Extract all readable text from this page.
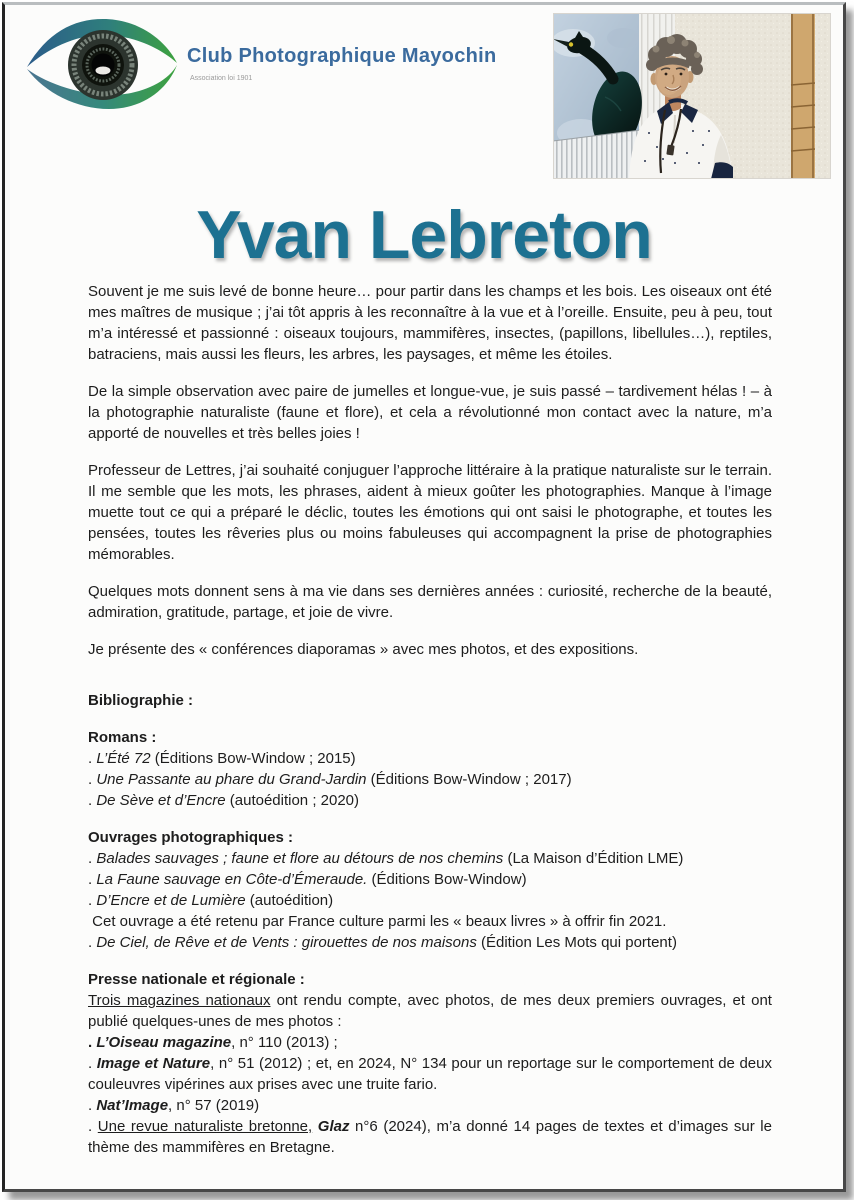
Club Photographique Mayochin
Association loi 1901
Yvan Lebreton

Souvent je me suis levé de bonne heure… pour partir dans les champs et les bois. Les oiseaux ont été mes maîtres de musique ; j’ai tôt appris à les reconnaître à la vue et à l’oreille. Ensuite, peu à peu, tout m’a intéressé et passionné : oiseaux toujours, mammifères, insectes, (papillons, libellules…), reptiles, batraciens, mais aussi les fleurs, les arbres, les paysages, et même les étoiles.

De la simple observation avec paire de jumelles et longue-vue, je suis passé – tardivement hélas ! – à la photographie naturaliste (faune et flore), et cela a révolutionné mon contact avec la nature, m’a apporté de nouvelles et très belles joies !

Professeur de Lettres, j’ai souhaité conjuguer l’approche littéraire à la pratique naturaliste sur le terrain. Il me semble que les mots, les phrases, aident à mieux goûter les photographies. Manque à l’image muette tout ce qui a préparé le déclic, toutes les émotions qui ont saisi le photographe, et toutes les pensées, toutes les rêveries plus ou moins fabuleuses qui accompagnent la prise de photographies mémorables.

Quelques mots donnent sens à ma vie dans ses dernières années : curiosité, recherche de la beauté, admiration, gratitude, partage, et joie de vivre.

Je présente des « conférences diaporamas » avec mes photos, et des expositions.

Bibliographie :
Romans :
. L’Été 72 (Éditions Bow-Window ; 2015)
. Une Passante au phare du Grand-Jardin (Éditions Bow-Window ; 2017)
. De Sève et d’Encre (autoédition ; 2020)
Ouvrages photographiques :
. Balades sauvages ; faune et flore au détours de nos chemins (La Maison d’Édition LME)
. La Faune sauvage en Côte-d’Émeraude. (Éditions Bow-Window)
. D’Encre et de Lumière (autoédition)
Cet ouvrage a été retenu par France culture parmi les « beaux livres » à offrir fin 2021.
. De Ciel, de Rêve et de Vents : girouettes de nos maisons (Édition Les Mots qui portent)
Presse nationale et régionale :
Trois magazines nationaux ont rendu compte, avec photos, de mes deux premiers ouvrages, et ont publié quelques-unes de mes photos :
. L’Oiseau magazine, n° 110 (2013) ;
. Image et Nature, n° 51 (2012) ; et, en 2024, N° 134 pour un reportage sur le comportement de deux couleuvres vipérines aux prises avec une truite fario.
. Nat’Image, n° 57 (2019)
. Une revue naturaliste bretonne, Glaz n°6 (2024), m’a donné 14 pages de textes et d’images sur le thème des mammifères en Bretagne.
